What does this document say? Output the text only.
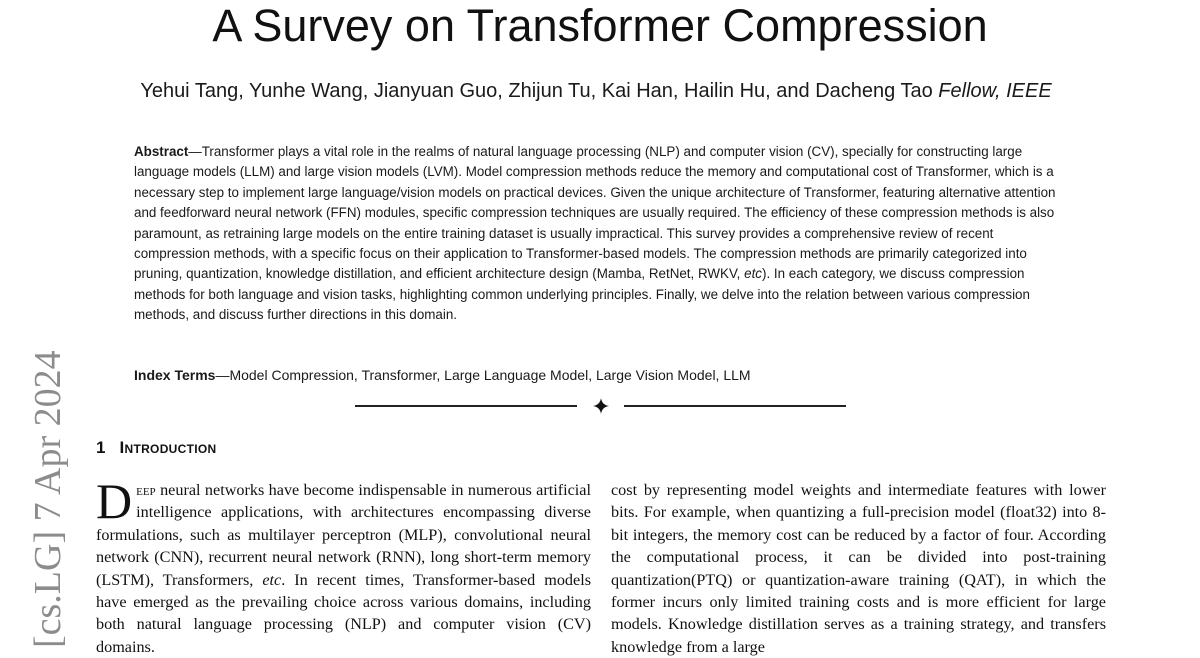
A Survey on Transformer Compression
Yehui Tang, Yunhe Wang, Jianyuan Guo, Zhijun Tu, Kai Han, Hailin Hu, and Dacheng Tao Fellow, IEEE

Abstract—Transformer plays a vital role in the realms of natural language processing (NLP) and computer vision (CV), specially for constructing large language models (LLM) and large vision models (LVM). Model compression methods reduce the memory and computational cost of Transformer, which is a necessary step to implement large language/vision models on practical devices. Given the unique architecture of Transformer, featuring alternative attention and feedforward neural network (FFN) modules, specific compression techniques are usually required. The efficiency of these compression methods is also paramount, as retraining large models on the entire training dataset is usually impractical. This survey provides a comprehensive review of recent compression methods, with a specific focus on their application to Transformer-based models. The compression methods are primarily categorized into pruning, quantization, knowledge distillation, and efficient architecture design (Mamba, RetNet, RWKV, etc). In each category, we discuss compression methods for both language and vision tasks, highlighting common underlying principles. Finally, we delve into the relation between various compression methods, and discuss further directions in this domain.

Index Terms—Model Compression, Transformer, Large Language Model, Large Vision Model, LLM

[cs.LG] 7 Apr 2024 1 Introduction

Deep neural networks have become indispensable in numerous artificial intelligence applications, with architectures encompassing diverse formulations, such as multilayer perceptron (MLP), convolutional neural network (CNN), recurrent neural network (RNN), long short-term memory (LSTM), Transformers, etc. In recent times, Transformer-based models have emerged as the prevailing choice across various domains, including both natural language processing (NLP) and computer vision (CV) domains.

cost by representing model weights and intermediate features with lower bits. For example, when quantizing a full-precision model (float32) into 8-bit integers, the memory cost can be reduced by a factor of four. According the computational process, it can be divided into post-training quantization(PTQ) or quantization-aware training (QAT), in which the former incurs only limited training costs and is more efficient for large models. Knowledge distillation serves as a training strategy, and transfers knowledge from a large
